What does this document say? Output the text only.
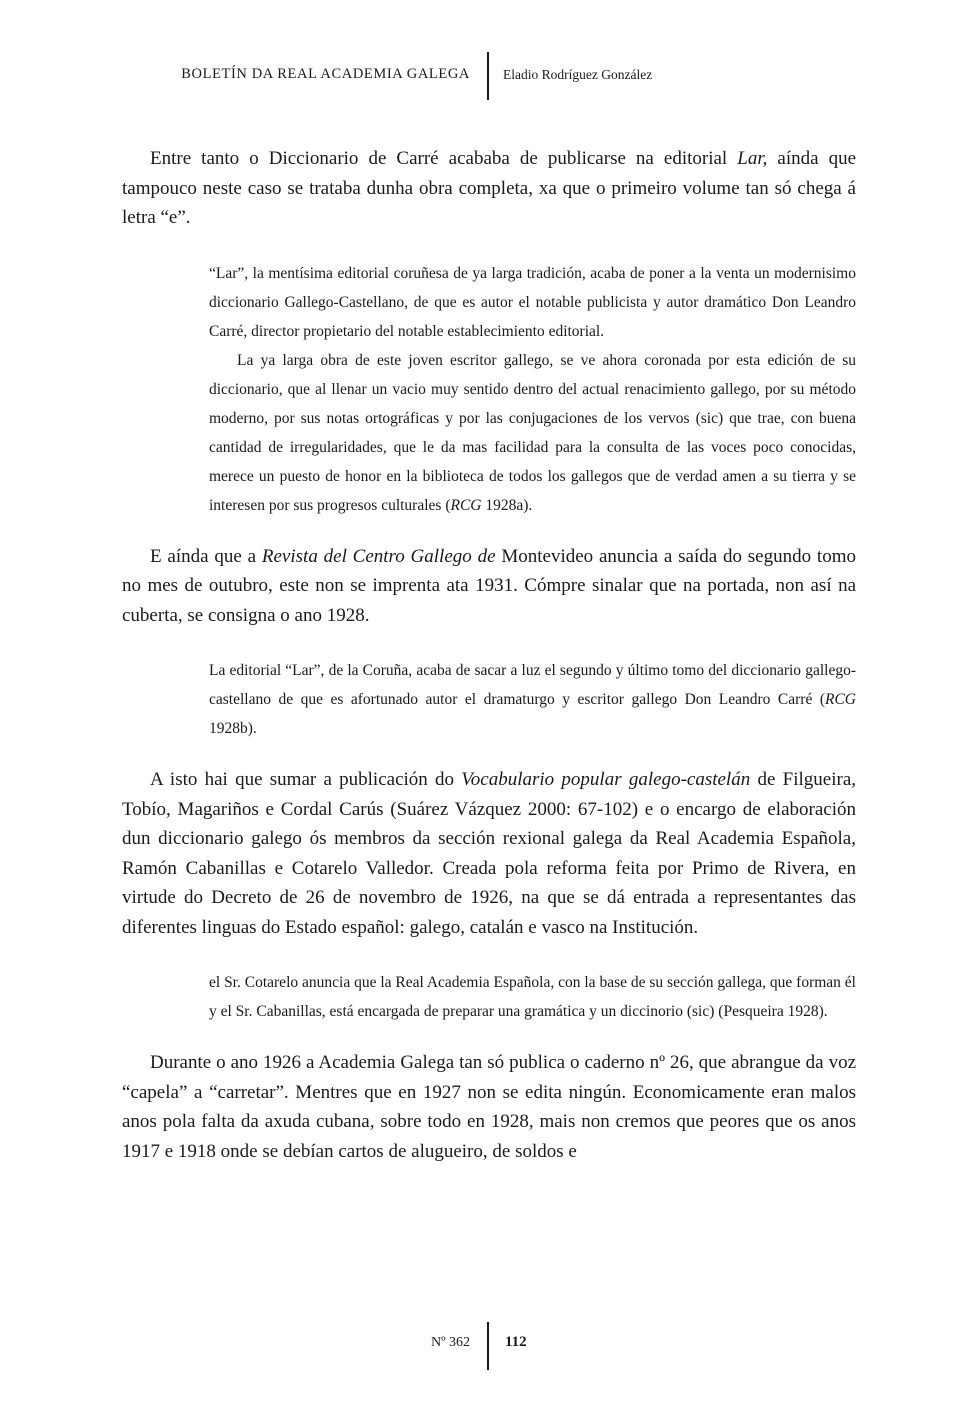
BOLETÍN DA REAL ACADEMIA GALEGA Eladio Rodríguez González

Entre tanto o Diccionario de Carré acababa de publicarse na editorial Lar, aínda que tampouco neste caso se trataba dunha obra completa, xa que o primeiro volume tan só chega á letra “e”.

“Lar”, la mentísima editorial coruñesa de ya larga tradición, acaba de poner a la venta un modernisimo diccionario Gallego-Castellano, de que es autor el notable publicista y autor dramático Don Leandro Carré, director propietario del notable establecimiento editorial.

La ya larga obra de este joven escritor gallego, se ve ahora coronada por esta edición de su diccionario, que al llenar un vacio muy sentido dentro del actual renacimiento gallego, por su método moderno, por sus notas ortográficas y por las conjugaciones de los vervos (sic) que trae, con buena cantidad de irregularidades, que le da mas facilidad para la consulta de las voces poco conocidas, merece un puesto de honor en la biblioteca de todos los gallegos que de verdad amen a su tierra y se interesen por sus progresos culturales (RCG 1928a).

E aínda que a Revista del Centro Gallego de Montevideo anuncia a saída do segundo tomo no mes de outubro, este non se imprenta ata 1931. Cómpre sinalar que na portada, non así na cuberta, se consigna o ano 1928.

La editorial “Lar”, de la Coruña, acaba de sacar a luz el segundo y último tomo del diccionario gallego-castellano de que es afortunado autor el dramaturgo y escritor gallego Don Leandro Carré (RCG 1928b).

A isto hai que sumar a publicación do Vocabulario popular galego-castelán de Filgueira, Tobío, Magariños e Cordal Carús (Suárez Vázquez 2000: 67-102) e o encargo de elaboración dun diccionario galego ós membros da sección rexional galega da Real Academia Española, Ramón Cabanillas e Cotarelo Valledor. Creada pola reforma feita por Primo de Rivera, en virtude do Decreto de 26 de novembro de 1926, na que se dá entrada a representantes das diferentes linguas do Estado español: galego, catalán e vasco na Institución.

el Sr. Cotarelo anuncia que la Real Academia Española, con la base de su sección gallega, que forman él y el Sr. Cabanillas, está encargada de preparar una gramática y un diccinorio (sic) (Pesqueira 1928).

Durante o ano 1926 a Academia Galega tan só publica o caderno nº 26, que abrangue da voz “capela” a “carretar”. Mentres que en 1927 non se edita ningún. Economicamente eran malos anos pola falta da axuda cubana, sobre todo en 1928, mais non cremos que peores que os anos 1917 e 1918 onde se debían cartos de alugueiro, de soldos e

Nº 362 112
